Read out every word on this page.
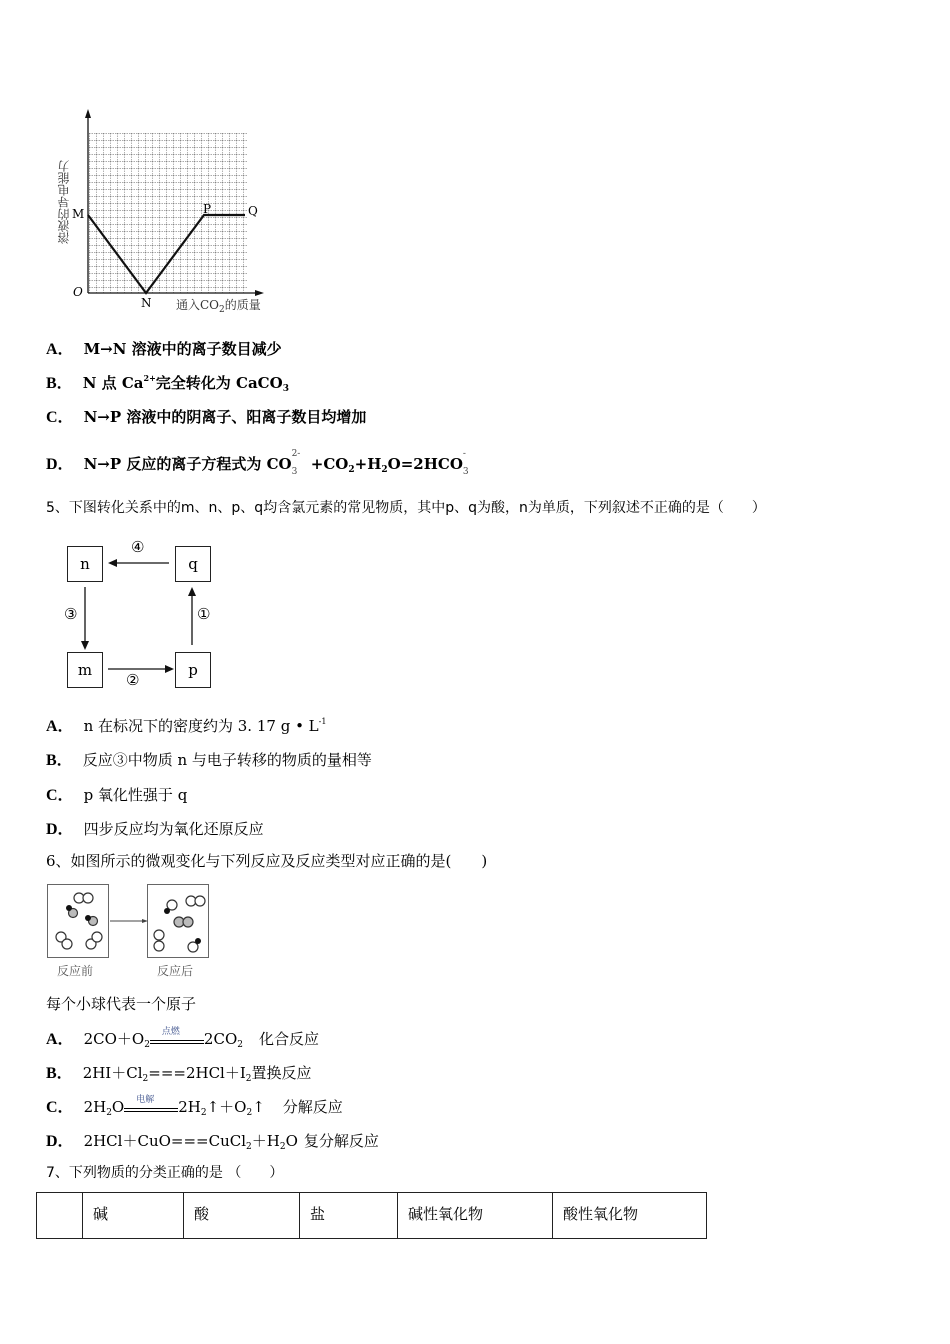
M	P	Q
O
N 通入$CO_2$的质量
溶液的导电能力
A． M→N 溶液中的离子数目减少
B． N 点 $Ca^{2+}$完全转化为 CaCO$_3$
C． N→P 溶液中的阴离子、阳离子数目均增加
D． N→P 反应的离子方程式为 CO
2-
$3 +CO_2+H_2O=2HCO$
-
3
5、下图转化关系中的m、n、p、q均含氯元素的常见物质，其中p、q为酸，n为单质，下列叙述不正确的是（　　）
n	q
m	p
④
③	①
②
A． n 在标况下的密度约为 3. 17 g • $L^{-1}$
B． 反应③中物质 n 与电子转移的物质的量相等
C． p 氧化性强于 q
D． 四步反应均为氧化还原反应
6、如图所示的微观变化与下列反应及反应类型对应正确的是(　　)
反应前	反应后
每个小球代表一个原子
A． $2CO+O_2$
点燃 $2CO_2$ 化合反应
B． $2HI+Cl_2===2HCl+I_2$置换反应
C． $2H_2O$ 电解 $2H_2↑+O_2↑$ 分解反应
D． $2HCl+CuO===CuCl_2+H_2O$ 复分解反应
7、下列物质的分类正确的是 （　　）
	碱	酸	盐	碱性氧化物	酸性氧化物
